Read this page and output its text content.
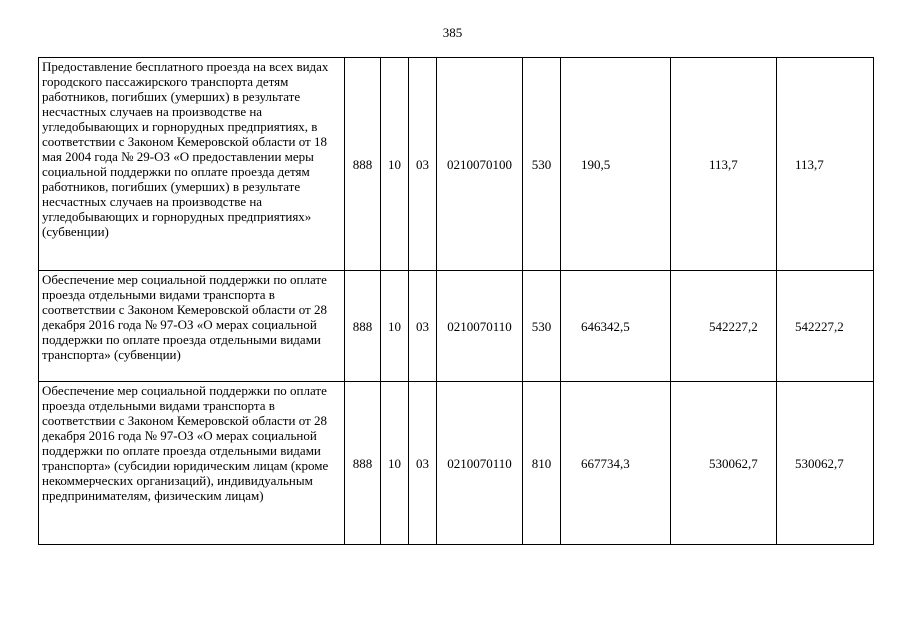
385
Предоставление бесплатного проезда на всех видах городского пассажирского транспорта детям работников, погибших (умерших) в результате несчастных случаев на производстве на угледобывающих и горнорудных предприятиях, в соответствии с Законом Кемеровской области от 18 мая 2004 года № 29-ОЗ «О предоставлении меры социальной поддержки по оплате проезда детям работников, погибших (умерших) в результате несчастных случаев на производстве на угледобывающих и горнорудных предприятиях» (субвенции)	888	10	03	0210070100	530	190,5	113,7	113,7
Обеспечение мер социальной поддержки по оплате проезда отдельными видами транспорта в соответствии с Законом Кемеровской области от 28 декабря 2016 года № 97-ОЗ «О мерах социальной поддержки по оплате проезда отдельными видами транспорта» (субвенции)	888	10	03	0210070110	530	646342,5	542227,2	542227,2
Обеспечение мер социальной поддержки по оплате проезда отдельными видами транспорта в соответствии с Законом Кемеровской области от 28 декабря 2016 года № 97-ОЗ «О мерах социальной поддержки по оплате проезда отдельными видами транспорта» (субсидии юридическим лицам (кроме некоммерческих организаций), индивидуальным предпринимателям, физическим лицам)	888	10	03	0210070110	810	667734,3	530062,7	530062,7
